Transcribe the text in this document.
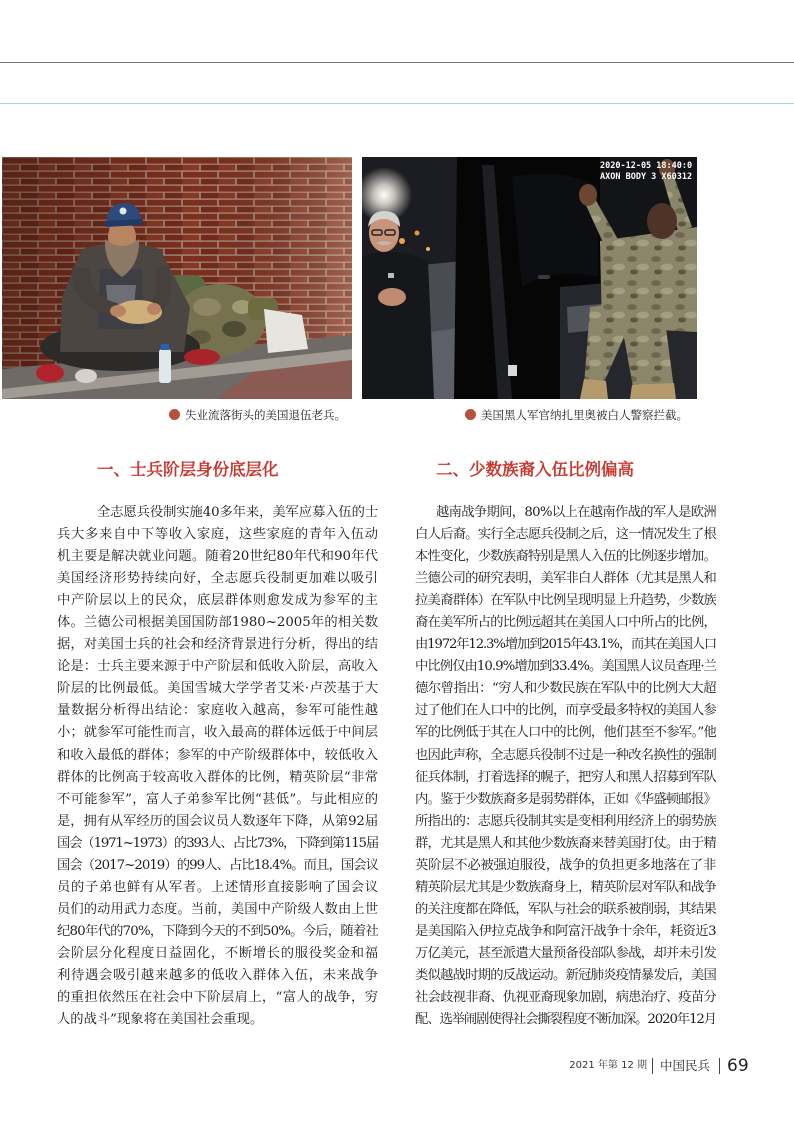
2020-12-05 18:40:0
AXON BODY 3 X60312
失业流落街头的美国退伍老兵。	美国黑人军官纳扎里奥被白人警察拦截。
一、士兵阶层身份底层化	二、少数族裔入伍比例偏高
全志愿兵役制实施40多年来，美军应募入伍的士
兵大多来自中下等收入家庭，这些家庭的青年入伍动
机主要是解决就业问题。随着20世纪80年代和90年代
美国经济形势持续向好，全志愿兵役制更加难以吸引
中产阶层以上的民众，底层群体则愈发成为参军的主
体。兰德公司根据美国国防部1980~2005年的相关数
据，对美国士兵的社会和经济背景进行分析，得出的结
论是：士兵主要来源于中产阶层和低收入阶层，高收入
阶层的比例最低。美国雪城大学学者艾米·卢茨基于大
量数据分析得出结论：家庭收入越高，参军可能性越
小；就参军可能性而言，收入最高的群体远低于中间层
和收入最低的群体；参军的中产阶级群体中，较低收入
群体的比例高于较高收入群体的比例，精英阶层“非常
不可能参军”，富人子弟参军比例“甚低”。与此相应的
是，拥有从军经历的国会议员人数逐年下降，从第92届
国会（1971~1973）的393人、占比73%，下降到第115届
国会（2017~2019）的99人、占比18.4%。而且，国会议
员的子弟也鲜有从军者。上述情形直接影响了国会议
员们的动用武力态度。当前，美国中产阶级人数由上世
纪80年代的70%，下降到今天的不到50%。今后，随着社
会阶层分化程度日益固化，不断增长的服役奖金和福
利待遇会吸引越来越多的低收入群体入伍，未来战争
的重担依然压在社会中下阶层肩上，“富人的战争，穷
人的战斗”现象将在美国社会重现。
越南战争期间，80%以上在越南作战的军人是欧洲
白人后裔。实行全志愿兵役制之后，这一情况发生了根
本性变化，少数族裔特别是黑人入伍的比例逐步增加。
兰德公司的研究表明，美军非白人群体（尤其是黑人和
拉美裔群体）在军队中比例呈现明显上升趋势，少数族
裔在美军所占的比例远超其在美国人口中所占的比例，
由1972年12.3%增加到2015年43.1%，而其在美国人口
中比例仅由10.9%增加到33.4%。美国黑人议员查理·兰
德尔曾指出：“穷人和少数民族在军队中的比例大大超
过了他们在人口中的比例，而享受最多特权的美国人参
军的比例低于其在人口中的比例，他们甚至不参军。”他
也因此声称，全志愿兵役制不过是一种改名换性的强制
征兵体制，打着选择的幌子，把穷人和黑人招募到军队
内。鉴于少数族裔多是弱势群体，正如《华盛顿邮报》
所指出的：志愿兵役制其实是变相利用经济上的弱势族
群，尤其是黑人和其他少数族裔来替美国打仗。由于精
英阶层不必被强迫服役，战争的负担更多地落在了非
精英阶层尤其是少数族裔身上，精英阶层对军队和战争
的关注度都在降低，军队与社会的联系被削弱，其结果
是美国陷入伊拉克战争和阿富汗战争十余年，耗资近3
万亿美元，甚至派遣大量预备役部队参战，却并未引发
类似越战时期的反战运动。新冠肺炎疫情暴发后，美国
社会歧视非裔、仇视亚裔现象加剧，病患治疗、疫苗分
配、选举闹剧使得社会撕裂程度不断加深。2020年12月
2021 年第 12 期 中国民兵 69
